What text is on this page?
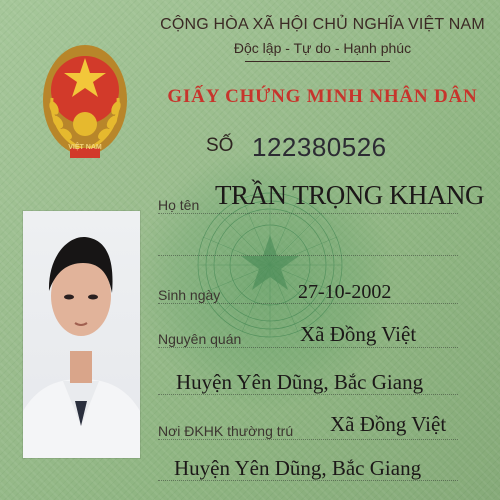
VIỆT NAM
CỘNG HÒA XÃ HỘI CHỦ NGHĨA VIỆT NAM
Độc lập - Tự do - Hạnh phúc
GIẤY CHỨNG MINH NHÂN DÂN
SỐ 122380526
Họ tên TRẦN TRỌNG KHANG
Sinh ngày	27-10-2002
Nguyên quán	Xã Đồng Việt
Huyện Yên Dũng, Bắc Giang
Nơi ĐKHK thường trú Xã Đồng Việt
Huyện Yên Dũng, Bắc Giang
